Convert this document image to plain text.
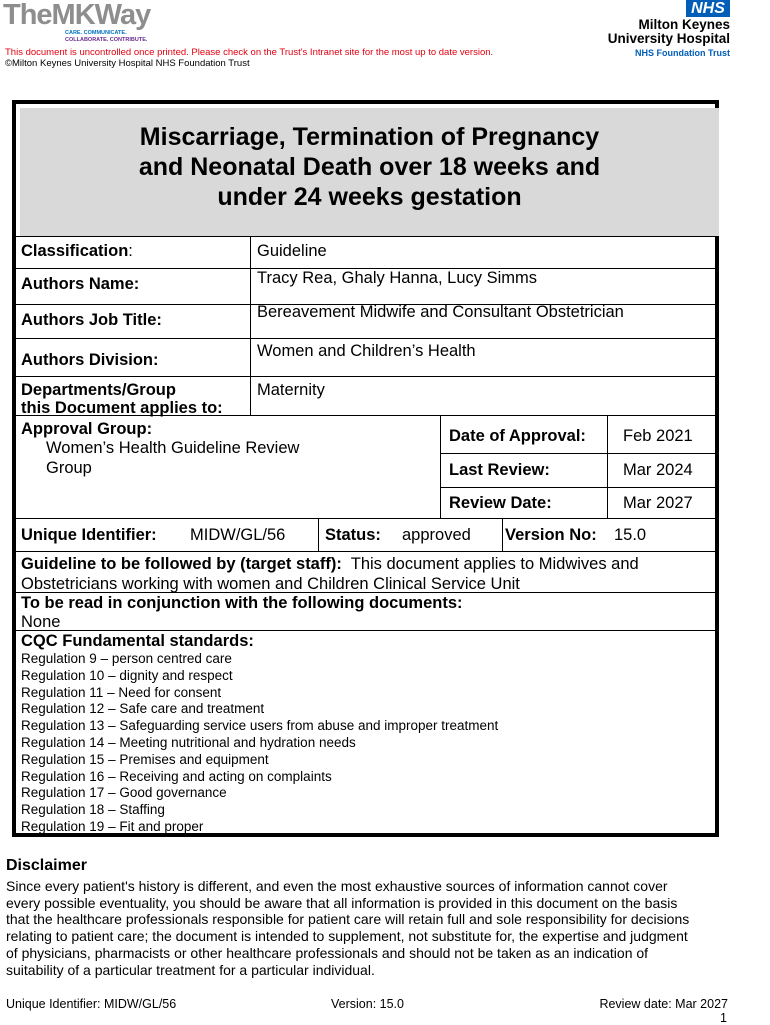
TheMKWay
CARE. COMMUNICATE.
COLLABORATE. CONTRIBUTE.
This document is uncontrolled once printed. Please check on the Trust's Intranet site for the most up to date version.
©Milton Keynes University Hospital NHS Foundation Trust
NHS
Milton Keynes
University Hospital
NHS Foundation Trust
Miscarriage, Termination of Pregnancy
and Neonatal Death over 18 weeks and
under 24 weeks gestation
Classification:	Guideline
Authors Name:	Tracy Rea, Ghaly Hanna, Lucy Simms
Authors Job Title:	Bereavement Midwife and Consultant Obstetrician
Authors Division:	Women and Children’s Health
Departments/Group
this Document applies to:
Maternity
Approval Group:
Women’s Health Guideline Review
Group
Date of Approval: Feb 2021
Last Review:	Mar 2024
Review Date:	Mar 2027
Unique Identifier: MIDW/GL/56 Status: approved Version No: 15.0
Guideline to be followed by (target staff): This document applies to Midwives and
Obstetricians working with women and Children Clinical Service Unit
To be read in conjunction with the following documents:
None
CQC Fundamental standards:
Regulation 9 – person centred care
Regulation 10 – dignity and respect
Regulation 11 – Need for consent
Regulation 12 – Safe care and treatment
Regulation 13 – Safeguarding service users from abuse and improper treatment
Regulation 14 – Meeting nutritional and hydration needs
Regulation 15 – Premises and equipment
Regulation 16 – Receiving and acting on complaints
Regulation 17 – Good governance
Regulation 18 – Staffing
Regulation 19 – Fit and proper
Disclaimer
Since every patient's history is different, and even the most exhaustive sources of information cannot cover
every possible eventuality, you should be aware that all information is provided in this document on the basis
that the healthcare professionals responsible for patient care will retain full and sole responsibility for decisions
relating to patient care; the document is intended to supplement, not substitute for, the expertise and judgment
of physicians, pharmacists or other healthcare professionals and should not be taken as an indication of
suitability of a particular treatment for a particular individual.
Unique Identifier: MIDW/GL/56	Version: 15.0	Review date: Mar 2027
1
